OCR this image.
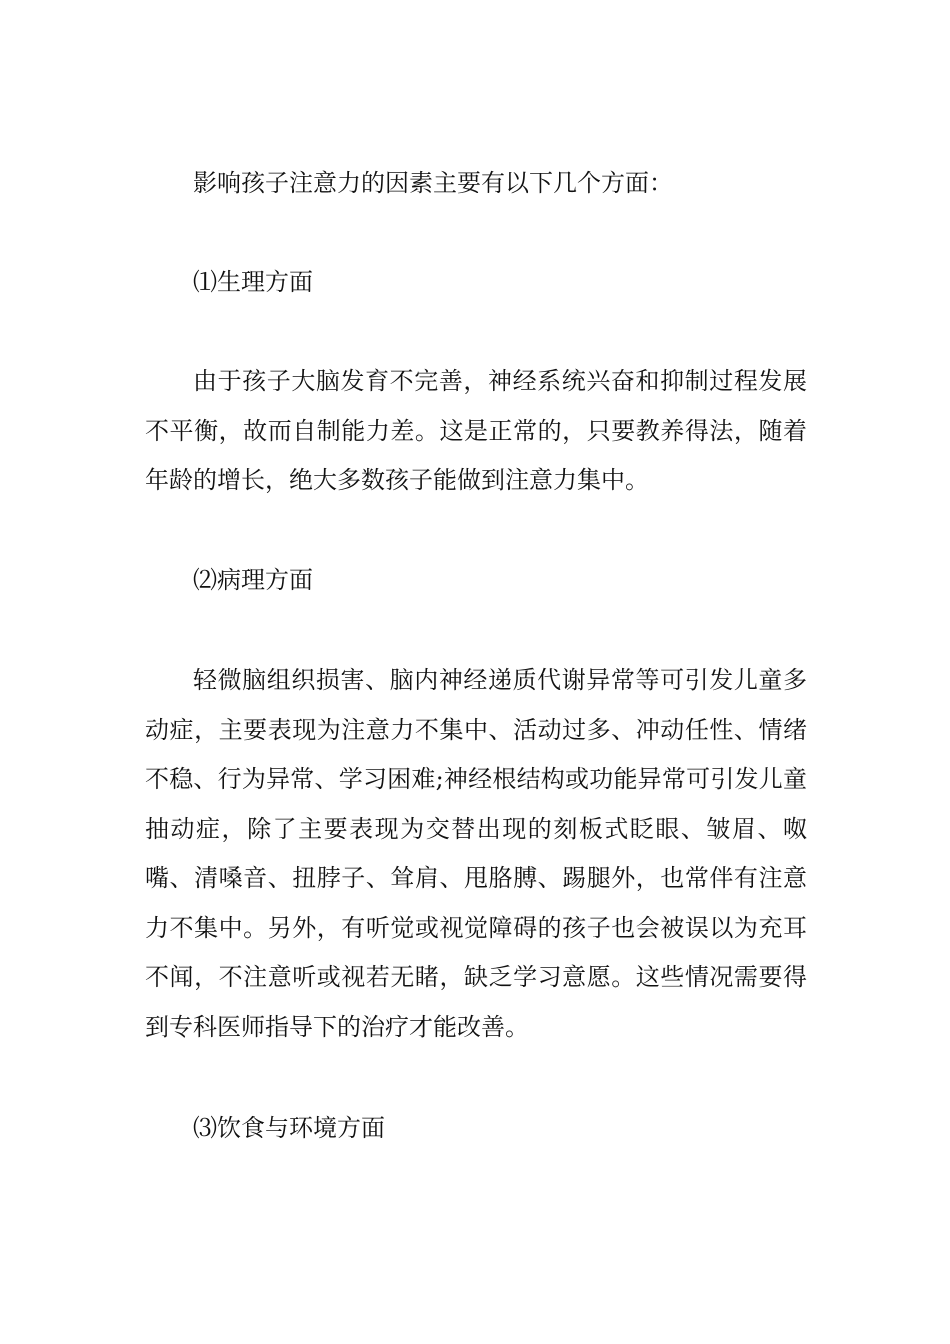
影响孩子注意力的因素主要有以下几个方面：

⑴生理方面

由于孩子大脑发育不完善，神经系统兴奋和抑制过程发展不平衡，故而自制能力差。这是正常的，只要教养得法，随着年龄的增长，绝大多数孩子能做到注意力集中。

⑵病理方面

轻微脑组织损害、脑内神经递质代谢异常等可引发儿童多动症，主要表现为注意力不集中、活动过多、冲动任性、情绪不稳、行为异常、学习困难;神经根结构或功能异常可引发儿童抽动症，除了主要表现为交替出现的刻板式眨眼、皱眉、呶嘴、清嗓音、扭脖子、耸肩、甩胳膊、踢腿外，也常伴有注意力不集中。另外，有听觉或视觉障碍的孩子也会被误以为充耳不闻，不注意听或视若无睹，缺乏学习意愿。这些情况需要得到专科医师指导下的治疗才能改善。

⑶饮食与环境方面
